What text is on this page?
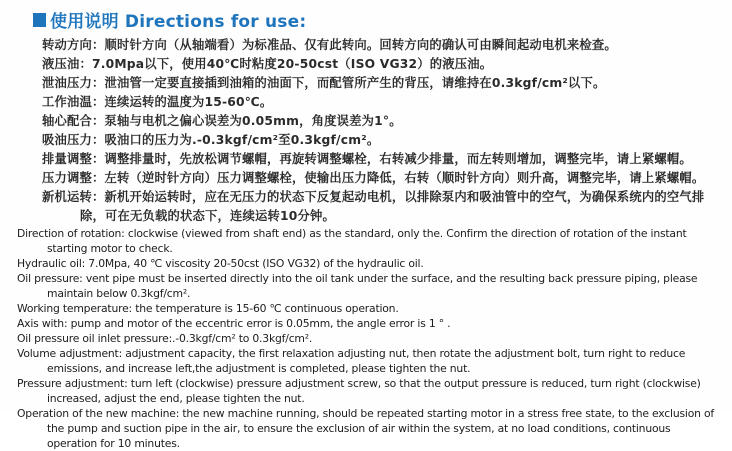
使用说明 Directions for use:
转动方向：顺时针方向（从轴端看）为标准品、仅有此转向。回转方向的确认可由瞬间起动电机来检查。
液压油：7.0Mpa以下，使用40℃时粘度20-50cst（ISO VG32）的液压油。
泄油压力：泄油管一定要直接插到油箱的油面下，而配管所产生的背压，请维持在0.3kgf/cm²以下。
工作油温：连续运转的温度为15-60℃。
轴心配合：泵轴与电机之偏心误差为0.05mm，角度误差为1°。
吸油压力：吸油口的压力为.-0.3kgf/cm²至0.3kgf/cm²。
排量调整：调整排量时，先放松调节螺帽，再旋转调整螺栓，右转减少排量，而左转则增加，调整完毕，请上紧螺帽。
压力调整：左转（逆时针方向）压力调整螺栓，使输出压力降低，右转（顺时针方向）则升高，调整完毕，请上紧螺帽。
新机运转：新机开始运转时，应在无压力的状态下反复起动电机，以排除泵内和吸油管中的空气，为确保系统内的空气排除，可在无负载的状态下，连续运转10分钟。
Direction of rotation: clockwise (viewed from shaft end) as the standard, only the. Confirm the direction of rotation of the instant starting motor to check.
Hydraulic oil: 7.0Mpa, 40 ℃ viscosity 20-50cst (ISO VG32) of the hydraulic oil.
Oil pressure: vent pipe must be inserted directly into the oil tank under the surface, and the resulting back pressure piping, please maintain below 0.3kgf/cm².
Working temperature: the temperature is 15-60 ℃ continuous operation.
Axis with: pump and motor of the eccentric error is 0.05mm, the angle error is 1 ° .
Oil pressure oil inlet pressure:.-0.3kgf/cm² to 0.3kgf/cm².
Volume adjustment: adjustment capacity, the first relaxation adjusting nut, then rotate the adjustment bolt, turn right to reduce emissions, and increase left,the adjustment is completed, please tighten the nut.
Pressure adjustment: turn left (clockwise) pressure adjustment screw, so that the output pressure is reduced, turn right (clockwise) increased, adjust the end, please tighten the nut.
Operation of the new machine: the new machine running, should be repeated starting motor in a stress free state, to the exclusion of the pump and suction pipe in the air, to ensure the exclusion of air within the system, at no load conditions, continuous operation for 10 minutes.
